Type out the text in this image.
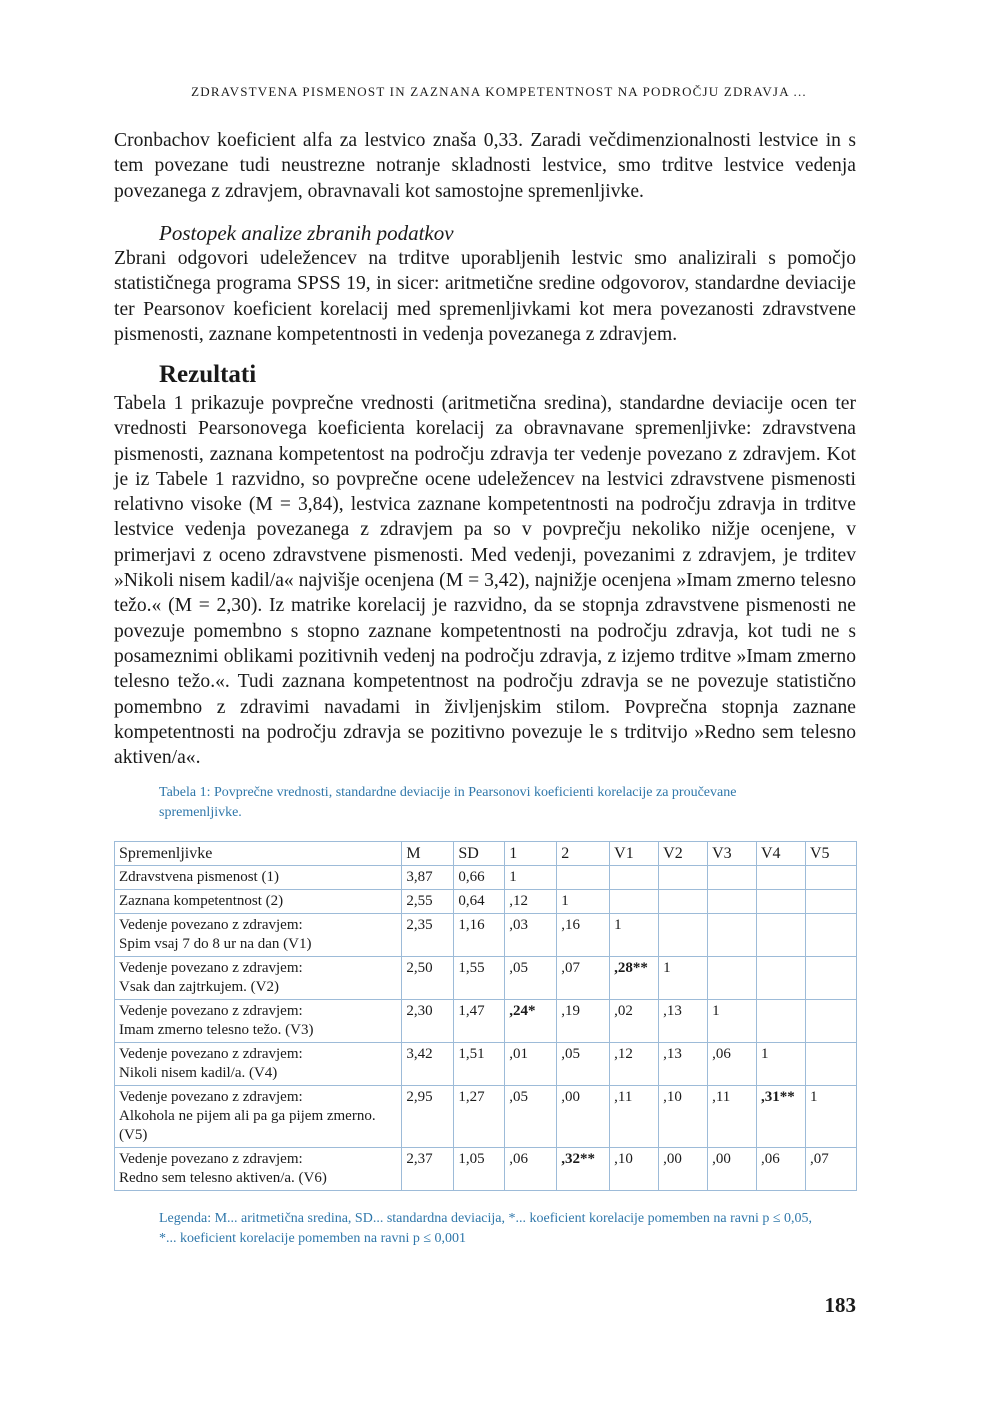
ZDRAVSTVENA PISMENOST IN ZAZNANA KOMPETENTNOST NA PODROČJU ZDRAVJA ...

Cronbachov koeficient alfa za lestvico znaša 0,33. Zaradi večdimenzionalnosti lestvice in s tem povezane tudi neustrezne notranje skladnosti lestvice, smo trditve lestvice vedenja povezanega z zdravjem, obravnavali kot samostojne spremenljivke.

Postopek analize zbranih podatkov

Zbrani odgovori udeležencev na trditve uporabljenih lestvic smo analizirali s pomočjo statističnega programa SPSS 19, in sicer: aritmetične sredine odgovorov, standardne deviacije ter Pearsonov koeficient korelacij med spremenljivkami kot mera povezanosti zdravstvene pismenosti, zaznane kompetentnosti in vedenja povezanega z zdravjem.

Rezultati

Tabela 1 prikazuje povprečne vrednosti (aritmetična sredina), standardne deviacije ocen ter vrednosti Pearsonovega koeficienta korelacij za obravnavane spremenljivke: zdravstvena pismenosti, zaznana kompetentost na področju zdravja ter vedenje povezano z zdravjem. Kot je iz Tabele 1 razvidno, so povprečne ocene udeležencev na lestvici zdravstvene pismenosti relativno visoke (M = 3,84), lestvica zaznane kompetentnosti na področju zdravja in trditve lestvice vedenja povezanega z zdravjem pa so v povprečju nekoliko nižje ocenjene, v primerjavi z oceno zdravstvene pismenosti. Med vedenji, povezanimi z zdravjem, je trditev »Nikoli nisem kadil/a« najvišje ocenjena (M = 3,42), najnižje ocenjena »Imam zmerno telesno težo.« (M = 2,30). Iz matrike korelacij je razvidno, da se stopnja zdravstvene pismenosti ne povezuje pomembno s stopno zaznane kompetentnosti na področju zdravja, kot tudi ne s posameznimi oblikami pozitivnih vedenj na področju zdravja, z izjemo trditve »Imam zmerno telesno težo.«. Tudi zaznana kompetentnost na področju zdravja se ne povezuje statistično pomembno z zdravimi navadami in življenjskim stilom. Povprečna stopnja zaznane kompetentnosti na področju zdravja se pozitivno povezuje le s trditvijo »Redno sem telesno aktiven/a«.

Tabela 1: Povprečne vrednosti, standardne deviacije in Pearsonovi koeficienti korelacije za proučevane spremenljivke.
Spremenljivke	M	SD	1	2	V1	V2	V3	V4	V5

Zdravstvena pismenost (1)	3,87	0,66	1						

Zaznana kompetentnost (2)	2,55	0,64	,12	1					

Vedenje povezano z zdravjem:
Spim vsaj 7 do 8 ur na dan (V1)	2,35	1,16	,03	,16	1				

Vedenje povezano z zdravjem:
Vsak dan zajtrkujem. (V2)	2,50	1,55	,05	,07	,28**	1			

Vedenje povezano z zdravjem:
Imam zmerno telesno težo. (V3)	2,30	1,47	,24*	,19	,02	,13	1		

Vedenje povezano z zdravjem:
Nikoli nisem kadil/a. (V4)	3,42	1,51	,01	,05	,12	,13	,06	1	

Vedenje povezano z zdravjem:
Alkohola ne pijem ali pa ga pijem zmerno.
(V5)	2,95	1,27	,05	,00	,11	,10	,11	,31**	1

Vedenje povezano z zdravjem:
Redno sem telesno aktiven/a. (V6)	2,37	1,05	,06	,32**	,10	,00	,00	,06	,07
Legenda: M... aritmetična sredina, SD... standardna deviacija, *... koeficient korelacije pomemben na ravni p ≤ 0,05, *... koeficient korelacije pomemben na ravni p ≤ 0,001
183
